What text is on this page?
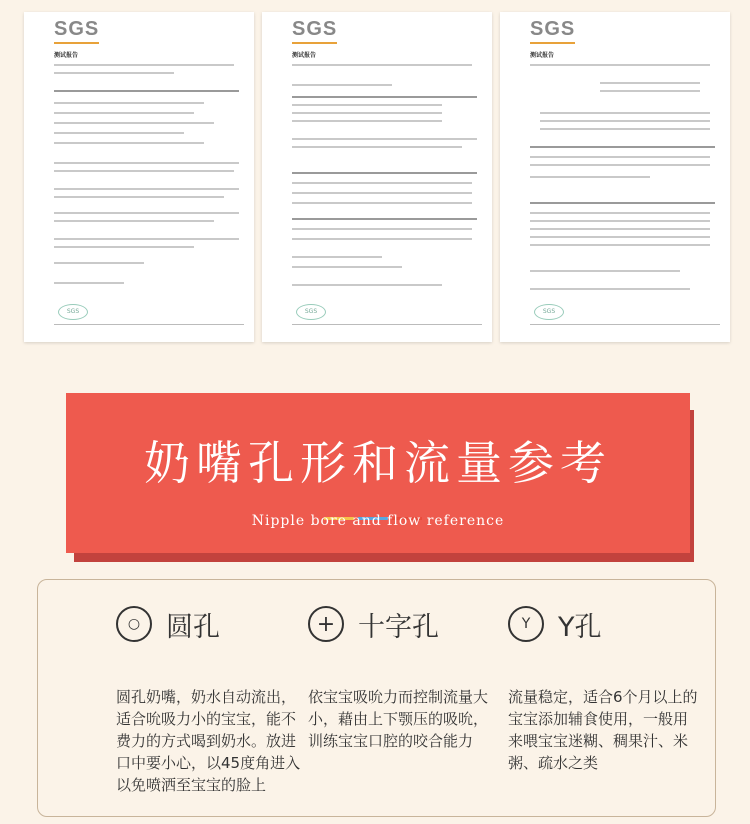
SGS
测试报告
SGS
SGS
测试报告
SGS
SGS
测试报告
SGS
奶嘴孔形和流量参考
Nipple bore and flow reference
○ 圆孔
圆孔奶嘴，奶水自动流出，适合吮吸力小的宝宝，能不费力的方式喝到奶水。放进口中要小心，以45度角进入以免喷洒至宝宝的脸上
+ 十字孔
依宝宝吸吮力而控制流量大小，藉由上下颚压的吸吮，训练宝宝口腔的咬合能力
Y	Y孔
流量稳定，适合6个月以上的宝宝添加辅食使用，一般用来喂宝宝迷糊、稠果汁、米粥、疏水之类
